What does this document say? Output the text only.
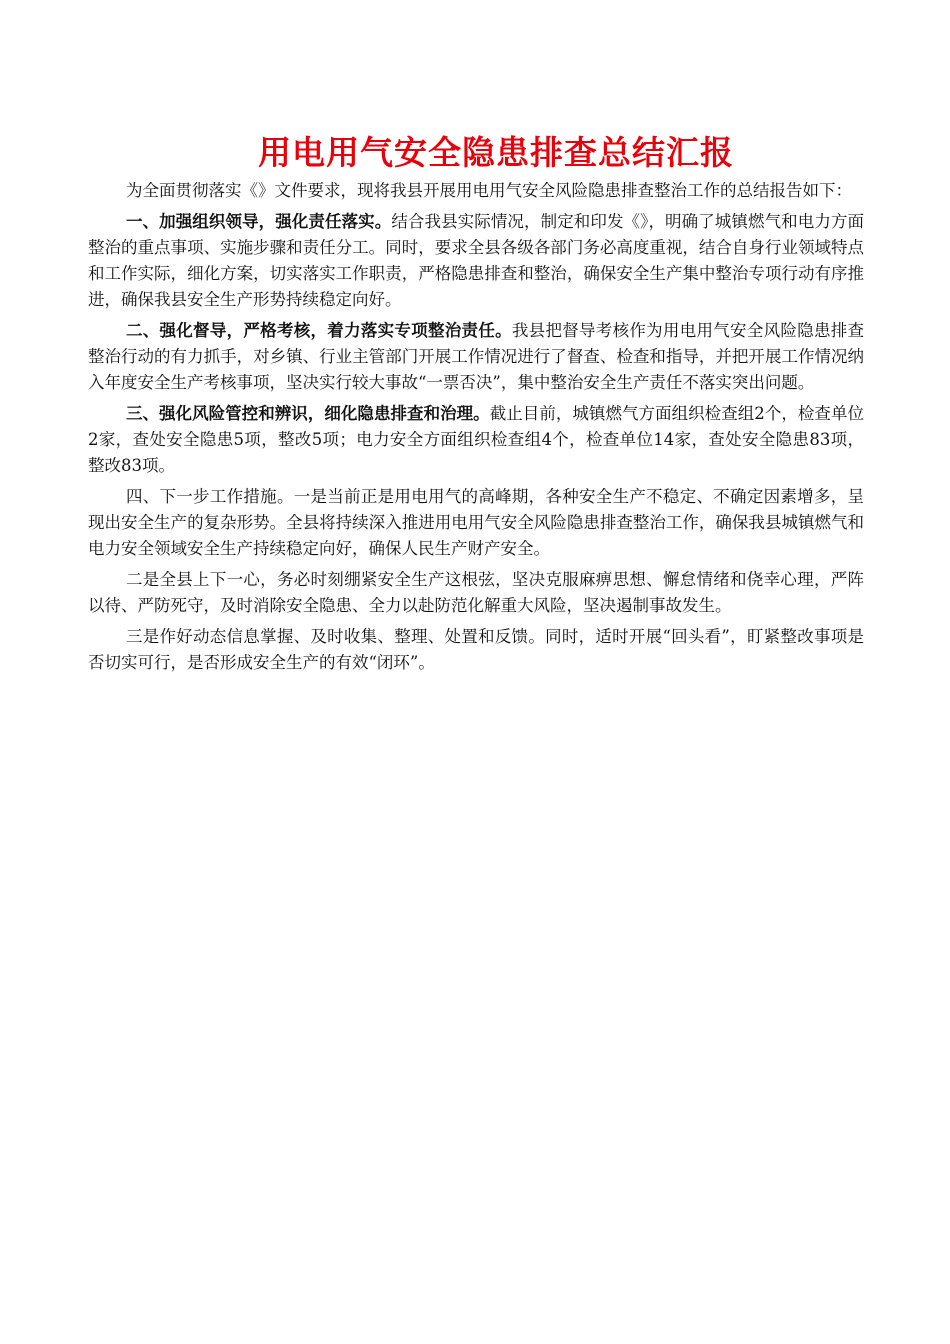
用电用气安全隐患排查总结汇报

为全面贯彻落实《》文件要求，现将我县开展用电用气安全风险隐患排查整治工作的总结报告如下：

一、加强组织领导，强化责任落实。结合我县实际情况，制定和印发《》，明确了城镇燃气和电力方面整治的重点事项、实施步骤和责任分工。同时，要求全县各级各部门务必高度重视，结合自身行业领域特点和工作实际，细化方案，切实落实工作职责，严格隐患排查和整治，确保安全生产集中整治专项行动有序推进，确保我县安全生产形势持续稳定向好。

二、强化督导，严格考核，着力落实专项整治责任。我县把督导考核作为用电用气安全风险隐患排查整治行动的有力抓手，对乡镇、行业主管部门开展工作情况进行了督查、检查和指导，并把开展工作情况纳入年度安全生产考核事项，坚决实行较大事故“一票否决”，集中整治安全生产责任不落实突出问题。

三、强化风险管控和辨识，细化隐患排查和治理。截止目前，城镇燃气方面组织检查组2个，检查单位2家，查处安全隐患5项，整改5项；电力安全方面组织检查组4个，检查单位14家，查处安全隐患83项，整改83项。

四、下一步工作措施。一是当前正是用电用气的高峰期，各种安全生产不稳定、不确定因素增多，呈现出安全生产的复杂形势。全县将持续深入推进用电用气安全风险隐患排查整治工作，确保我县城镇燃气和电力安全领域安全生产持续稳定向好，确保人民生产财产安全。

二是全县上下一心，务必时刻绷紧安全生产这根弦，坚决克服麻痹思想、懈怠情绪和侥幸心理，严阵以待、严防死守，及时消除安全隐患、全力以赴防范化解重大风险，坚决遏制事故发生。

三是作好动态信息掌握、及时收集、整理、处置和反馈。同时，适时开展“回头看”，盯紧整改事项是否切实可行，是否形成安全生产的有效“闭环”。
